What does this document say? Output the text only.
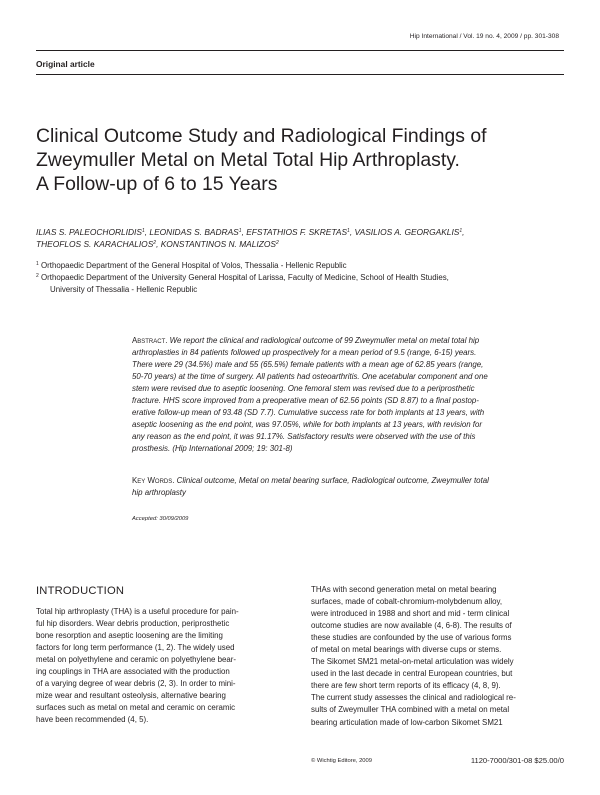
Hip International / Vol. 19 no. 4, 2009 / pp. 301-308
Original article
Clinical Outcome Study and Radiological Findings of
Zweymuller Metal on Metal Total Hip Arthroplasty.
A Follow-up of 6 to 15 Years
ILIAS S. PALEOCHORLIDIS$^1$, LEONIDAS S. BADRAS$^1$, EFSTATHIOS F. SKRETAS$^1$, VASILIOS A. GEORGAKLIS$^1$,
THEOFLOS S. KARACHALIOS$^2$, KONSTANTINOS N. MALIZOS$^2$
$^1$ Orthopaedic Department of the General Hospital of Volos, Thessalia - Hellenic Republic
$^2$ Orthopaedic Department of the University General Hospital of Larissa, Faculty of Medicine, School of Health Studies,
University of Thessalia - Hellenic Republic
Abstract. We report the clinical and radiological outcome of 99 Zweymuller metal on metal total hip
arthroplasties in 84 patients followed up prospectively for a mean period of 9.5 (range, 6-15) years.
There were 29 (34.5%) male and 55 (65.5%) female patients with a mean age of 62.85 years (range,
50-70 years) at the time of surgery. All patients had osteoarthritis. One acetabular component and one
stem were revised due to aseptic loosening. One femoral stem was revised due to a periprosthetic
fracture. HHS score improved from a preoperative mean of 62.56 points (SD 8.87) to a final postop-
erative follow-up mean of 93.48 (SD 7.7). Cumulative success rate for both implants at 13 years, with
aseptic loosening as the end point, was 97.05%, while for both implants at 13 years, with revision for
any reason as the end point, it was 91.17%. Satisfactory results were observed with the use of this
prosthesis. (Hip International 2009; 19: 301-8)
Key Words. Clinical outcome, Metal on metal bearing surface, Radiological outcome, Zweymuller total
hip arthroplasty
Accepted: 30/09/2009
INTRODUCTION
Total hip arthroplasty (THA) is a useful procedure for pain-
ful hip disorders. Wear debris production, periprosthetic
bone resorption and aseptic loosening are the limiting
factors for long term performance (1, 2). The widely used
metal on polyethylene and ceramic on polyethylene bear-
ing couplings in THA are associated with the production
of a varying degree of wear debris (2, 3). In order to mini-
mize wear and resultant osteolysis, alternative bearing
surfaces such as metal on metal and ceramic on ceramic
have been recommended (4, 5).
THAs with second generation metal on metal bearing
surfaces, made of cobalt-chromium-molybdenum alloy,
were introduced in 1988 and short and mid - term clinical
outcome studies are now available (4, 6-8). The results of
these studies are confounded by the use of various forms
of metal on metal bearings with diverse cups or stems.
The Sikomet SM21 metal-on-metal articulation was widely
used in the last decade in central European countries, but
there are few short term reports of its efficacy (4, 8, 9).
The current study assesses the clinical and radiological re-
sults of Zweymuller THA combined with a metal on metal
bearing articulation made of low-carbon Sikomet SM21
© Wichtig Editore, 2009	1120-7000/301-08 $25.00/0
